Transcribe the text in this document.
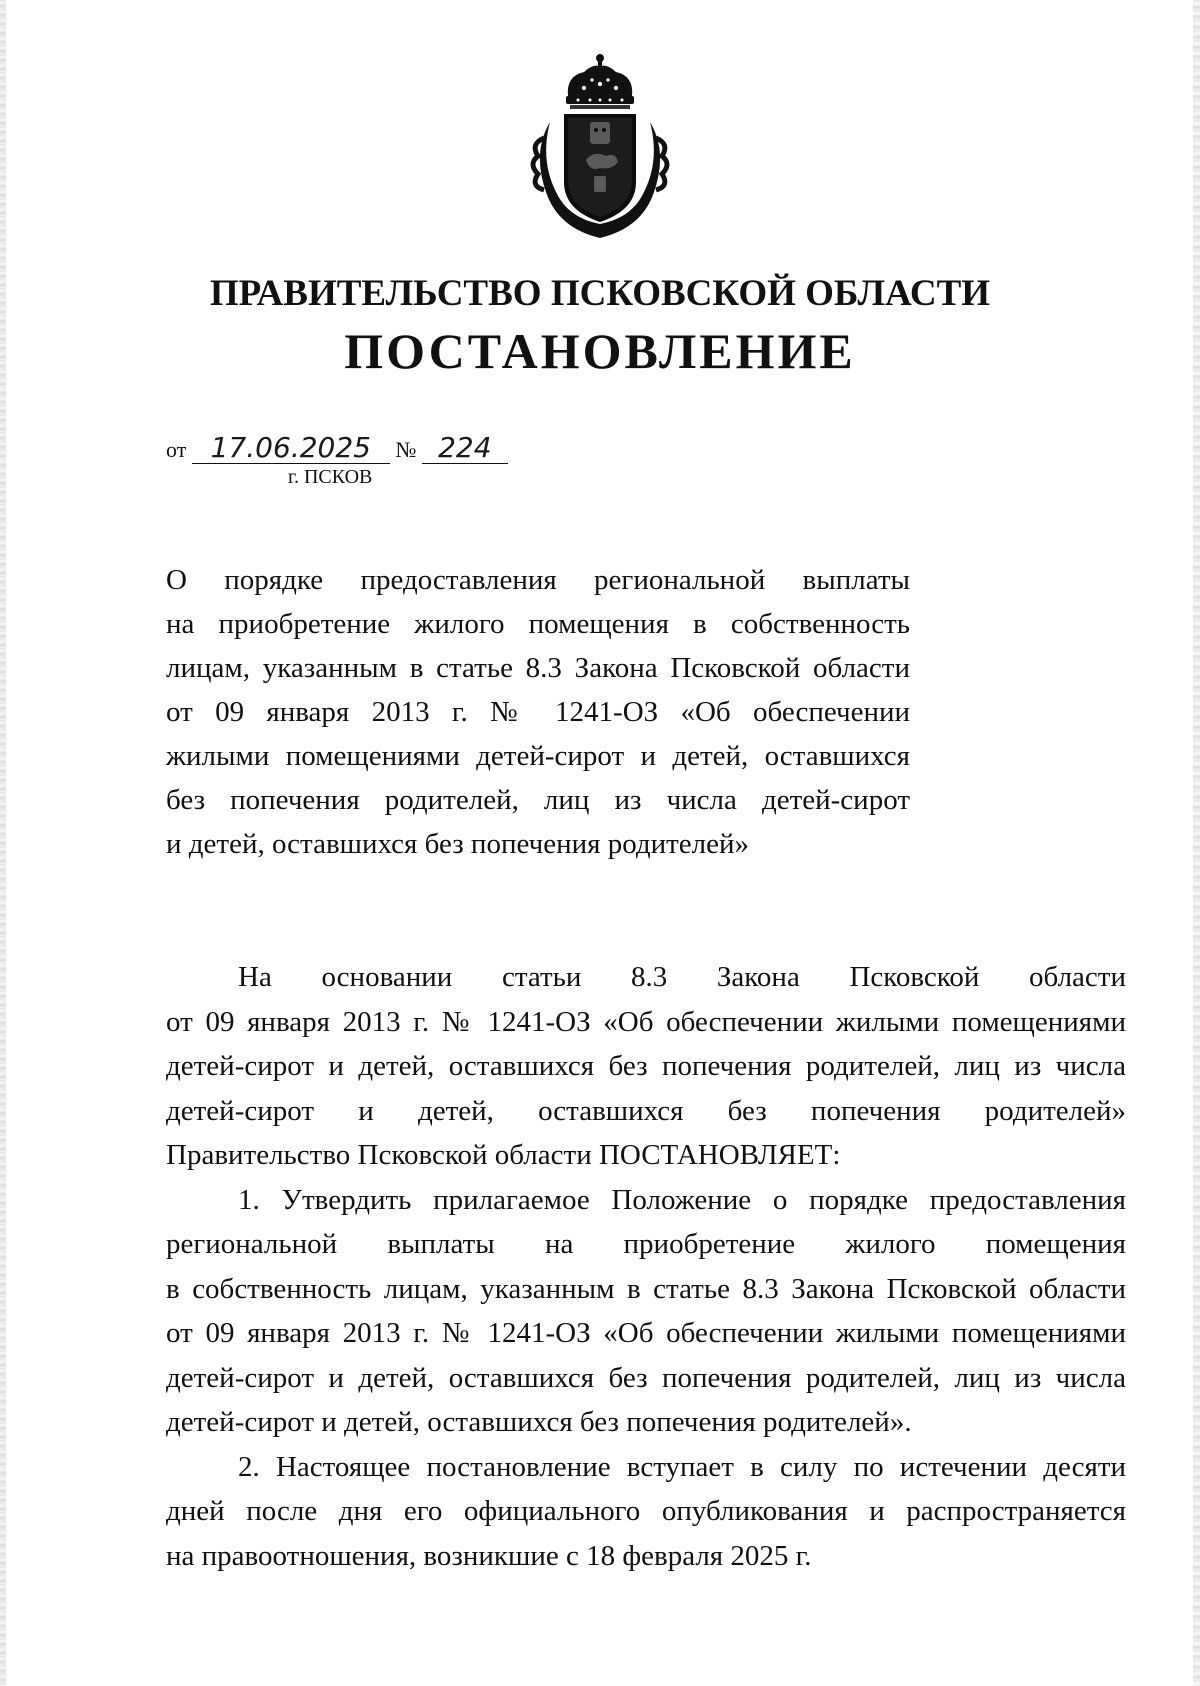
ПРАВИТЕЛЬСТВО ПСКОВСКОЙ ОБЛАСТИ
ПОСТАНОВЛЕНИЕ
от 17.06.2025 № 224
г. ПСКОВ
О порядке предоставления региональной выплаты
на приобретение жилого помещения в собственность
лицам, указанным в статье 8.3 Закона Псковской области
от 09 января 2013 г. № 1241-ОЗ «Об обеспечении
жилыми помещениями детей-сирот и детей, оставшихся
без попечения родителей, лиц из числа детей-сирот
и детей, оставшихся без попечения родителей»
На основании статьи 8.3 Закона Псковской области
от 09 января 2013 г. № 1241-ОЗ «Об обеспечении жилыми помещениями
детей-сирот и детей, оставшихся без попечения родителей, лиц из числа
детей-сирот и детей, оставшихся без попечения родителей»
Правительство Псковской области ПОСТАНОВЛЯЕТ:
1. Утвердить прилагаемое Положение о порядке предоставления
региональной выплаты на приобретение жилого помещения
в собственность лицам, указанным в статье 8.3 Закона Псковской области
от 09 января 2013 г. № 1241-ОЗ «Об обеспечении жилыми помещениями
детей-сирот и детей, оставшихся без попечения родителей, лиц из числа
детей-сирот и детей, оставшихся без попечения родителей».
2. Настоящее постановление вступает в силу по истечении десяти
дней после дня его официального опубликования и распространяется
на правоотношения, возникшие с 18 февраля 2025 г.
